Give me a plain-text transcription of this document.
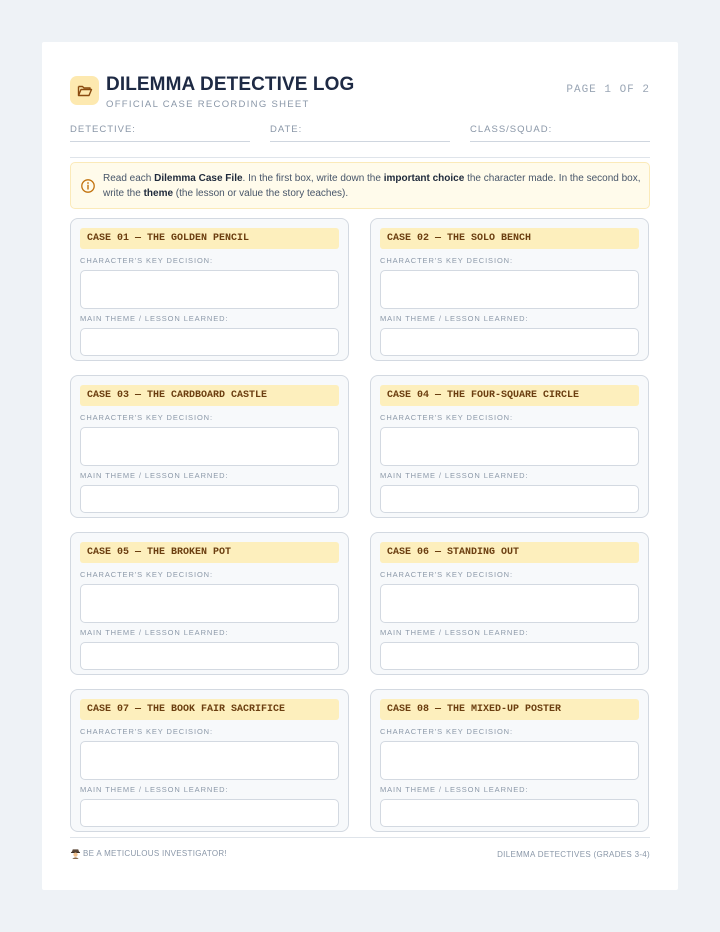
DILEMMA DETECTIVE LOG
OFFICIAL CASE RECORDING SHEET
PAGE 1 OF 2
DETECTIVE:	DATE:	CLASS/SQUAD:
Read each Dilemma Case File. In the first box, write down the important choice the character made. In the second box, write the theme (the lesson or value the story teaches).
CASE 01 — THE GOLDEN PENCIL
CHARACTER'S KEY DECISION:
MAIN THEME / LESSON LEARNED:
CASE 02 — THE SOLO BENCH
CHARACTER'S KEY DECISION:
MAIN THEME / LESSON LEARNED:
CASE 03 — THE CARDBOARD CASTLE
CHARACTER'S KEY DECISION:
MAIN THEME / LESSON LEARNED:
CASE 04 — THE FOUR-SQUARE CIRCLE
CHARACTER'S KEY DECISION:
MAIN THEME / LESSON LEARNED:
CASE 05 — THE BROKEN POT
CHARACTER'S KEY DECISION:
MAIN THEME / LESSON LEARNED:
CASE 06 — STANDING OUT
CHARACTER'S KEY DECISION:
MAIN THEME / LESSON LEARNED:
CASE 07 — THE BOOK FAIR SACRIFICE
CHARACTER'S KEY DECISION:
MAIN THEME / LESSON LEARNED:
CASE 08 — THE MIXED-UP POSTER
CHARACTER'S KEY DECISION:
MAIN THEME / LESSON LEARNED:
BE A METICULOUS INVESTIGATOR!	DILEMMA DETECTIVES (GRADES 3-4)
